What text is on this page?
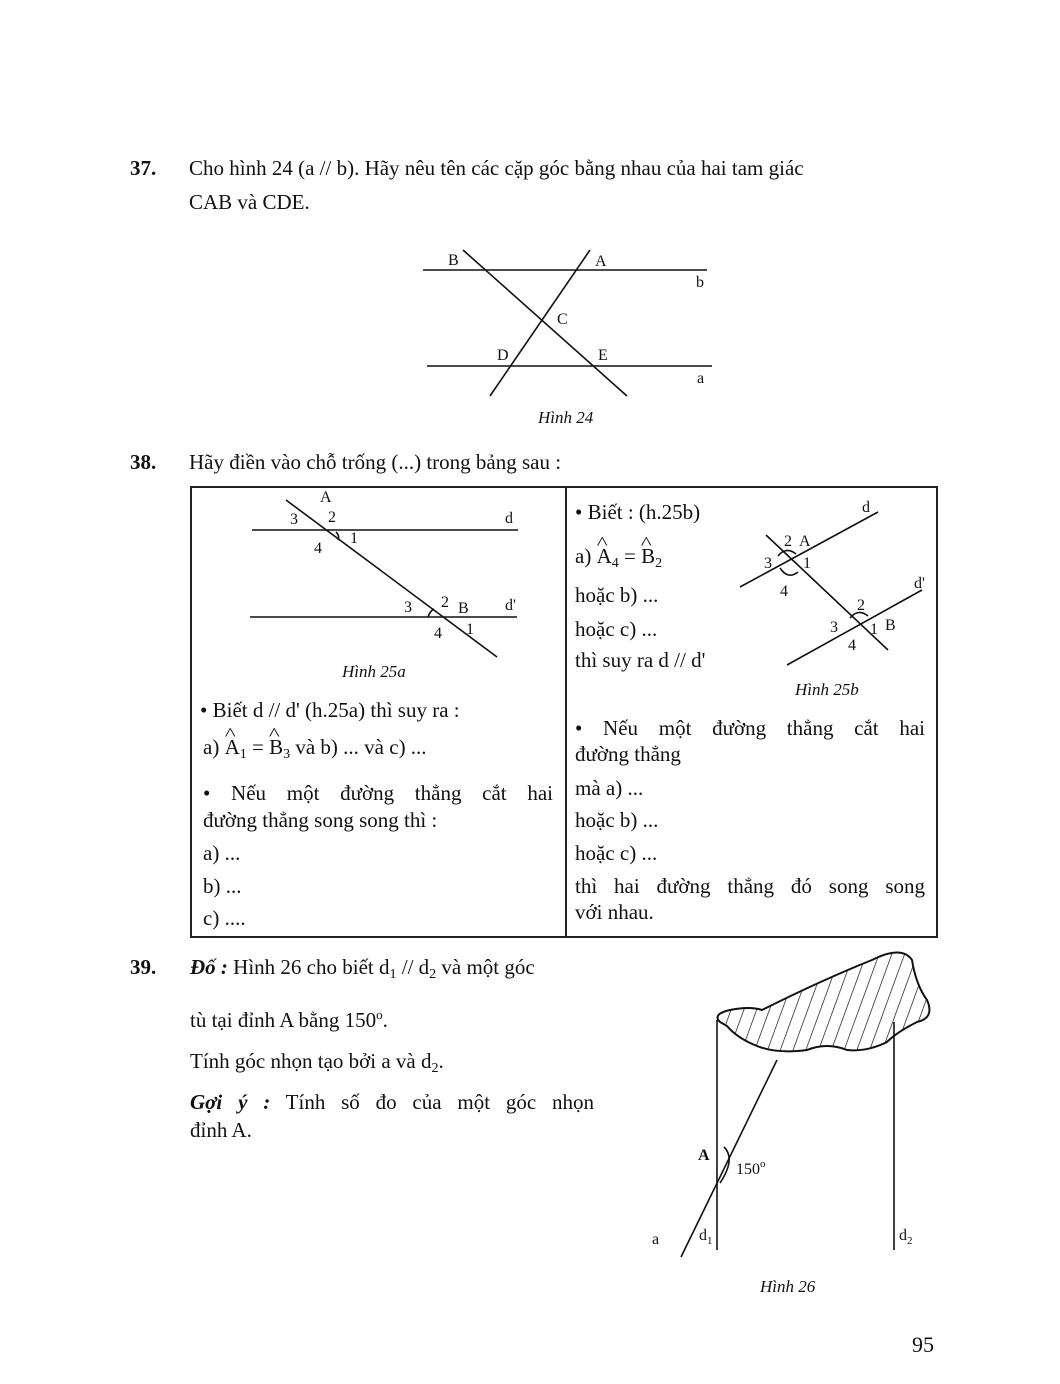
37. Cho hình 24 (a // b). Hãy nêu tên các cặp góc bằng nhau của hai tam giác
CAB và CDE.
B	A
b
C
D	E
a
Hình 24
38. Hãy điền vào chỗ trống (...) trong bảng sau :
A
3 2
1
4
d
3 2 B d'
4 1
Hình 25a
d
2 A
3 1
4	d'
2
3 1 B
4
Hình 25b
• Biết d // d' (h.25a) thì suy ra :
a) ^ $A_1$ = ^ $B_3$ và b) ... và c) ...
• Nếu một đường thẳng cắt hai
đường thẳng song song thì :
a) ...
b) ...
c) ....
• Biết : (h.25b)
a) ^ $A_4$ = ^ $B_2$
hoặc b) ...
hoặc c) ...
thì suy ra d // d'
• Nếu một đường thẳng cắt hai
đường thẳng
mà a) ...
hoặc b) ...
hoặc c) ...
thì hai đường thẳng đó song song
với nhau.
39. Đố : Hình 26 cho biết $d_1 // d_2$ và một góc
tù tại đỉnh A bằng 150$^o$.
Tính góc nhọn tạo bởi a và $d_2$.
Gợi ý : Tính số đo của một góc nhọn
đỉnh A.
A
150$^o$
a $d_1$	$d_2$
Hình 26
95
